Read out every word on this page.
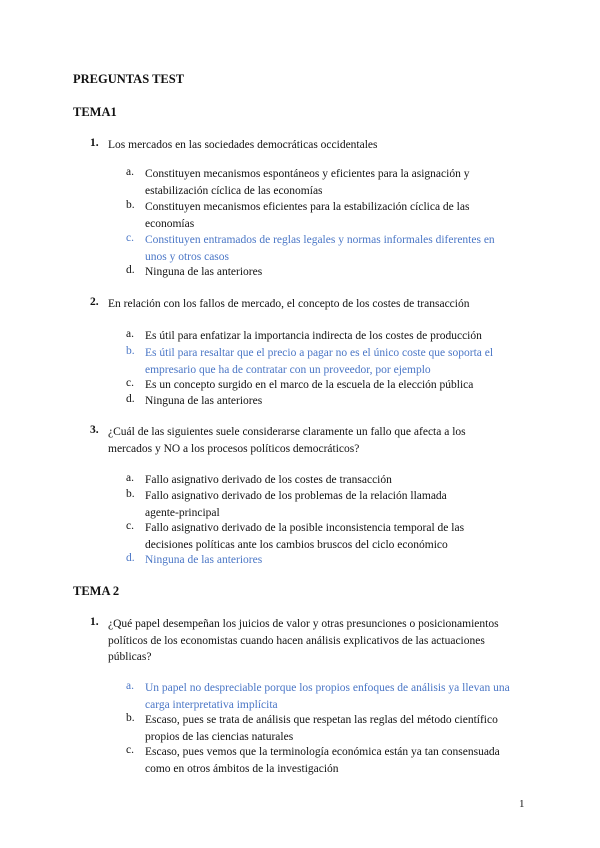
PREGUNTAS TEST
TEMA1
1. Los mercados en las sociedades democráticas occidentales
a. Constituyen mecanismos espontáneos y eficientes para la asignación y estabilización cíclica de las economías
b. Constituyen mecanismos eficientes para la estabilización cíclica de las economías
c. Constituyen entramados de reglas legales y normas informales diferentes en unos y otros casos
d. Ninguna de las anteriores
2. En relación con los fallos de mercado, el concepto de los costes de transacción
a. Es útil para enfatizar la importancia indirecta de los costes de producción
b. Es útil para resaltar que el precio a pagar no es el único coste que soporta el empresario que ha de contratar con un proveedor, por ejemplo
c. Es un concepto surgido en el marco de la escuela de la elección pública
d. Ninguna de las anteriores
3. ¿Cuál de las siguientes suele considerarse claramente un fallo que afecta a los mercados y NO a los procesos políticos democráticos?
a. Fallo asignativo derivado de los costes de transacción
b. Fallo asignativo derivado de los problemas de la relación llamada agente-principal
c. Fallo asignativo derivado de la posible inconsistencia temporal de las decisiones políticas ante los cambios bruscos del ciclo económico
d. Ninguna de las anteriores
TEMA 2
1. ¿Qué papel desempeñan los juicios de valor y otras presunciones o posicionamientos políticos de los economistas cuando hacen análisis explicativos de las actuaciones públicas?
a. Un papel no despreciable porque los propios enfoques de análisis ya llevan una carga interpretativa implícita
b. Escaso, pues se trata de análisis que respetan las reglas del método científico propios de las ciencias naturales
c. Escaso, pues vemos que la terminología económica están ya tan consensuada como en otros ámbitos de la investigación
1
